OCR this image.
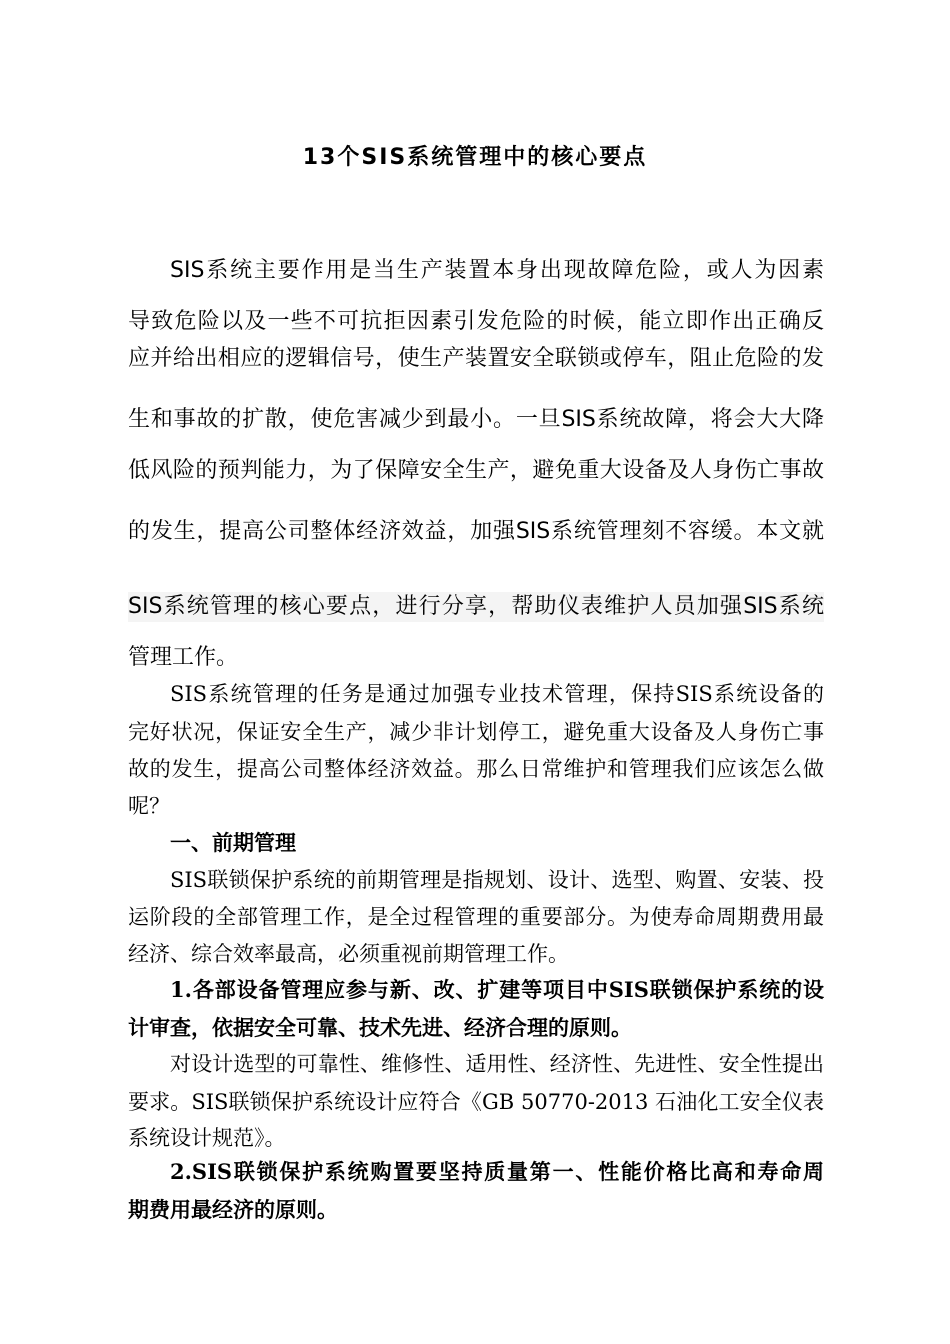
13个SIS系统管理中的核心要点
SIS系统主要作用是当生产装置本身出现故障危险，或人为因素
导致危险以及一些不可抗拒因素引发危险的时候，能立即作出正确反
应并给出相应的逻辑信号，使生产装置安全联锁或停车，阻止危险的发
生和事故的扩散，使危害减少到最小。一旦SIS系统故障，将会大大降
低风险的预判能力，为了保障安全生产，避免重大设备及人身伤亡事故
的发生，提高公司整体经济效益，加强SIS系统管理刻不容缓。本文就
SIS系统管理的核心要点，进行分享，帮助仪表维护人员加强SIS系统
管理工作。
SIS系统管理的任务是通过加强专业技术管理，保持SIS系统设备的
完好状况，保证安全生产，减少非计划停工，避免重大设备及人身伤亡事
故的发生，提高公司整体经济效益。那么日常维护和管理我们应该怎么做
呢？
一、前期管理
SIS联锁保护系统的前期管理是指规划、设计、选型、购置、安装、投
运阶段的全部管理工作，是全过程管理的重要部分。为使寿命周期费用最
经济、综合效率最高，必须重视前期管理工作。
1.各部设备管理应参与新、改、扩建等项目中SIS联锁保护系统的设
计审查，依据安全可靠、技术先进、经济合理的原则。
对设计选型的可靠性、维修性、适用性、经济性、先进性、安全性提出
要求。SIS联锁保护系统设计应符合《GB 50770-2013 石油化工安全仪表
系统设计规范》。
2.SIS联锁保护系统购置要坚持质量第一、性能价格比高和寿命周
期费用最经济的原则。
